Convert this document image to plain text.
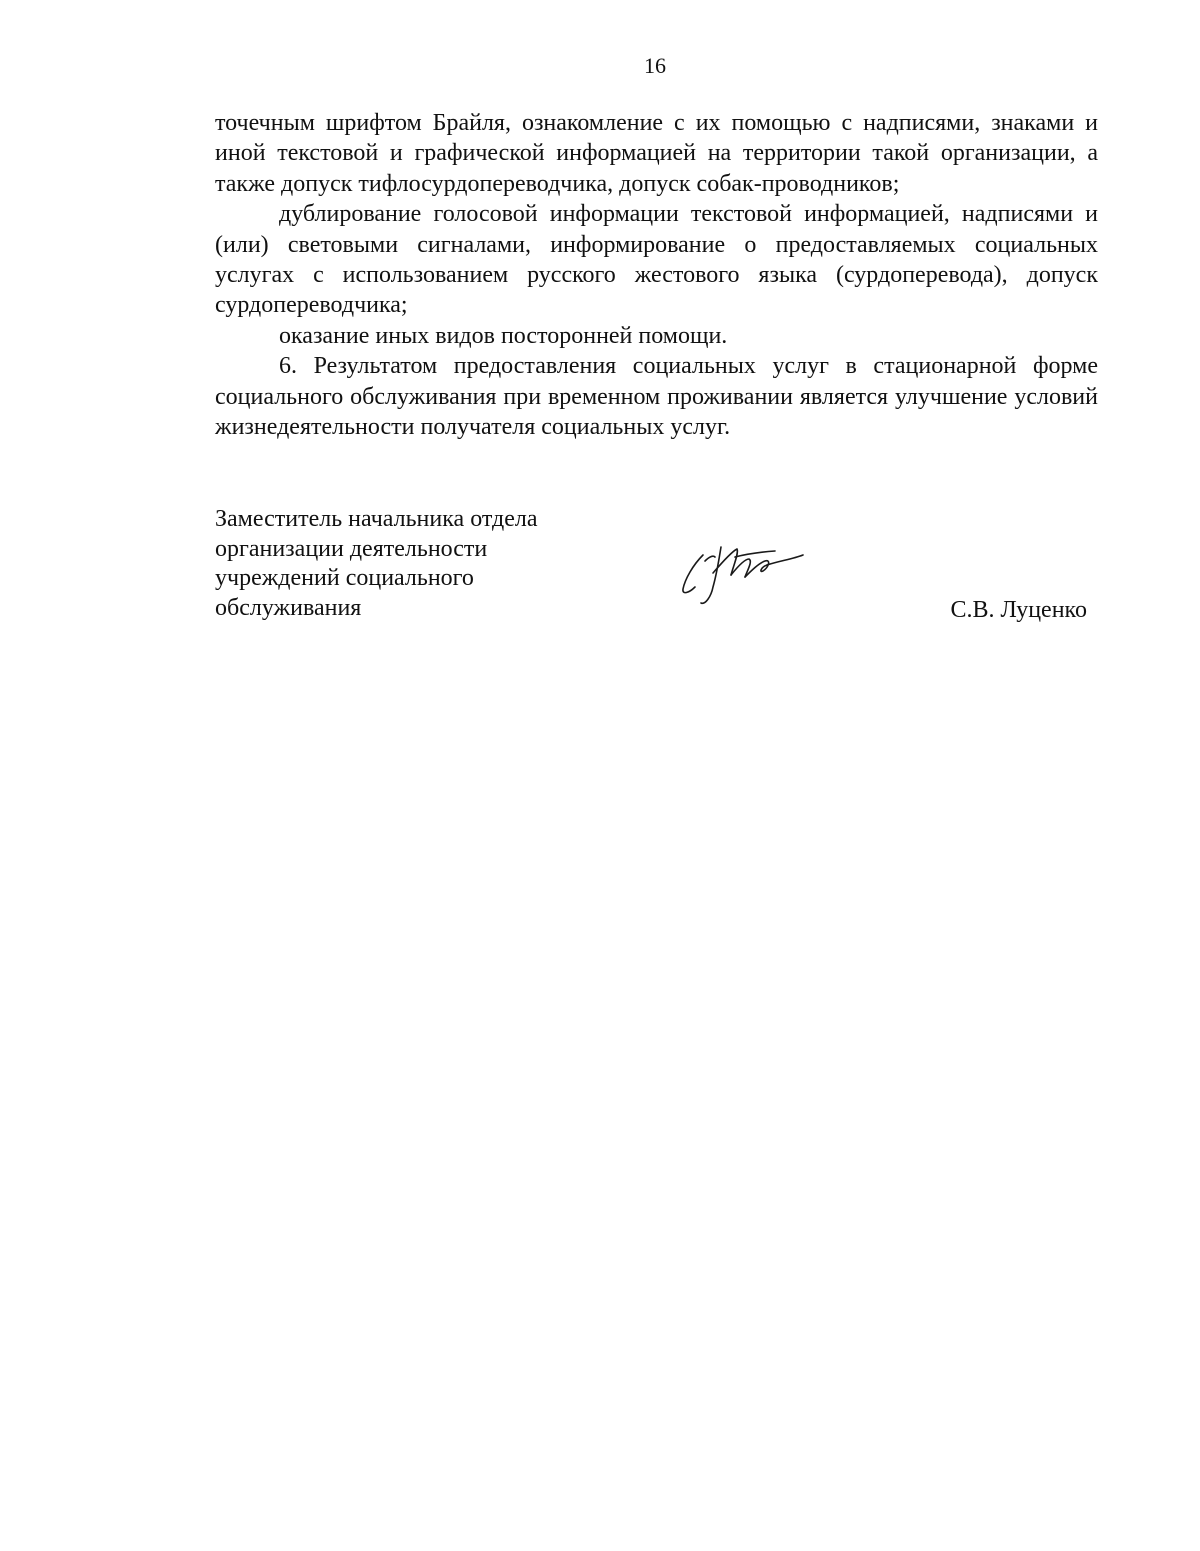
16

точечным шрифтом Брайля, ознакомление с их помощью с надписями, знаками и иной текстовой и графической информацией на территории такой организации, а также допуск тифлосурдопереводчика, допуск собак-проводников;

дублирование голосовой информации текстовой информацией, надписями и (или) световыми сигналами, информирование о предоставляемых социальных услугах с использованием русского жестового языка (сурдоперевода), допуск сурдопереводчика;

оказание иных видов посторонней помощи.

6. Результатом предоставления социальных услуг в стационарной форме социального обслуживания при временном проживании является улучшение условий жизнедеятельности получателя социальных услуг.

Заместитель начальника отдела
организации деятельности
учреждений социального
обслуживания	С.В. Луценко
